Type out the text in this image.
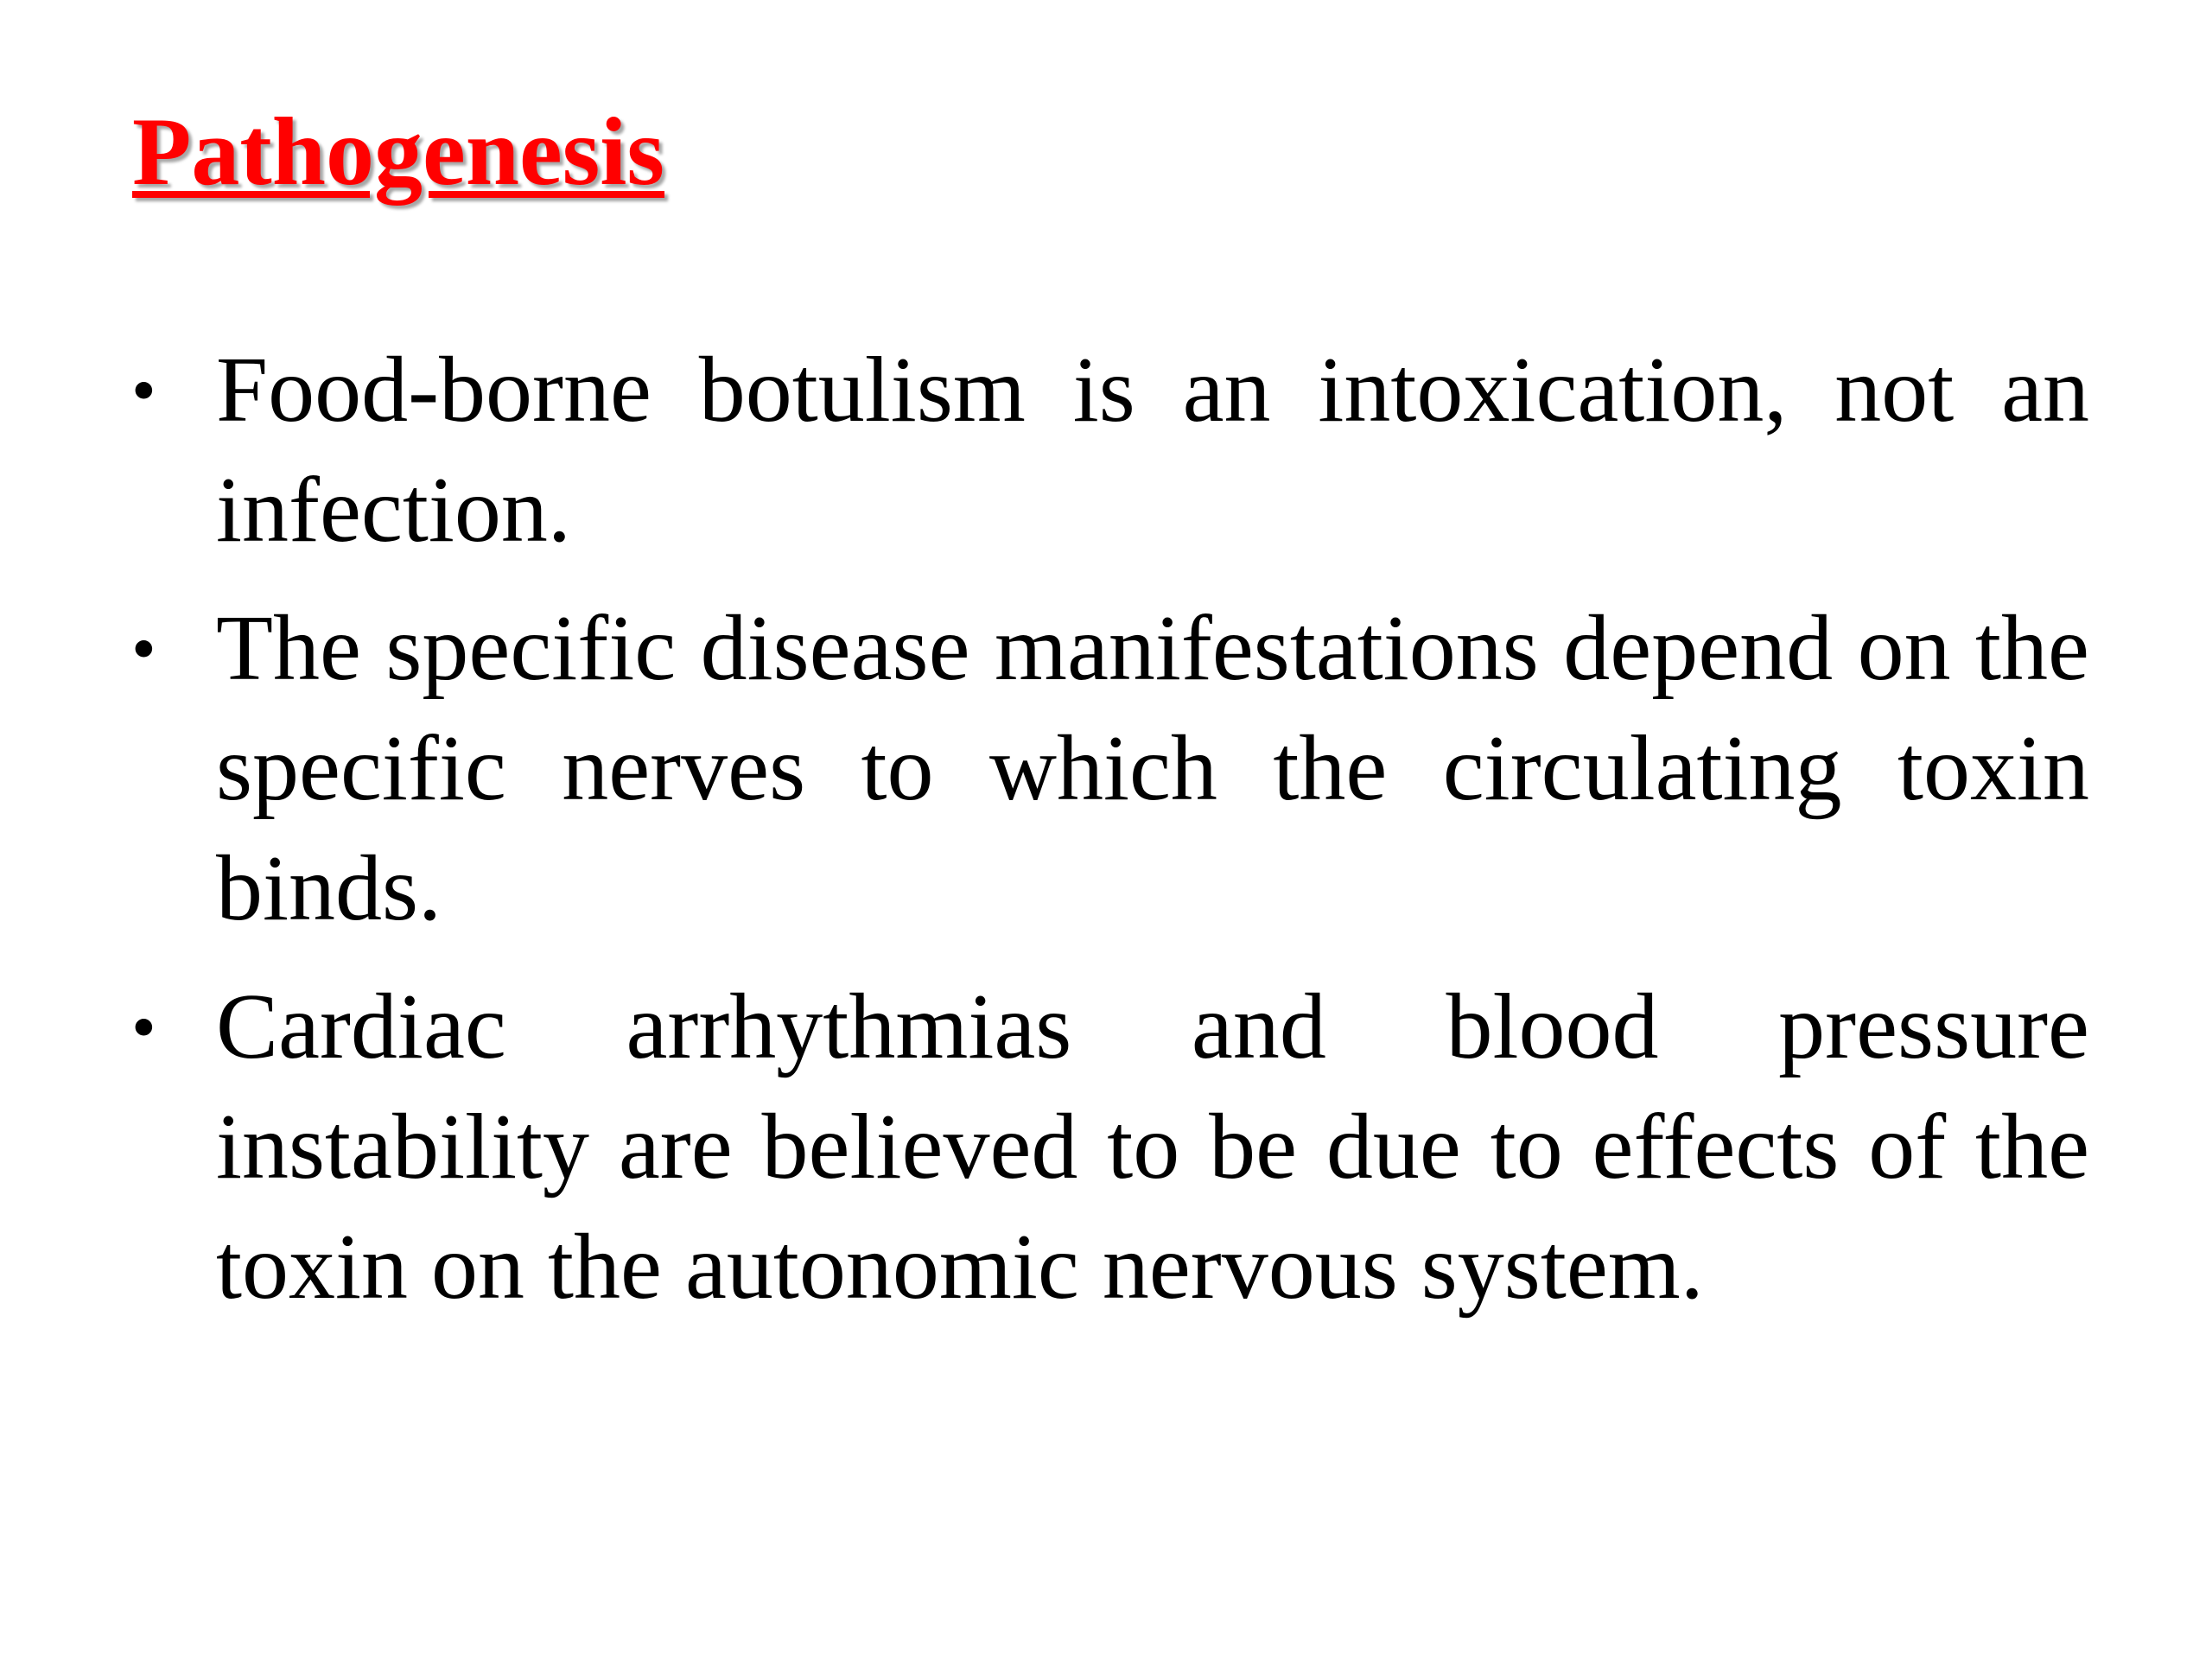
Pathogenesis
• Food-borne botulism is an intoxication, not an infection.
• The specific disease manifestations depend on the specific nerves to which the circulating toxin binds.
• Cardiac arrhythmias and blood pressure instability are believed to be due to effects of the toxin on the autonomic nervous system.
